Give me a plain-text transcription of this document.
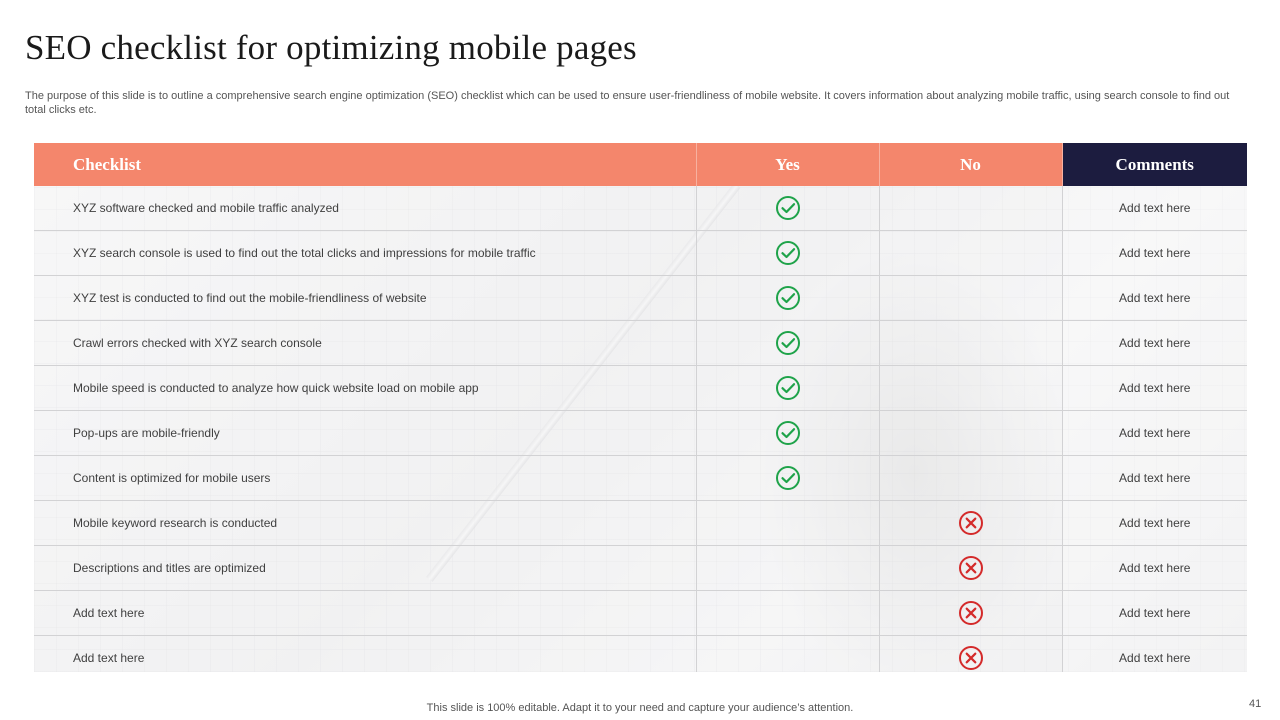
SEO checklist for optimizing mobile pages

The purpose of this slide is to outline a comprehensive search engine optimization (SEO) checklist which can be used to ensure user-friendliness of mobile website. It covers information about analyzing mobile traffic, using search console to find out total clicks etc.

Checklist	Yes	No	Comments
XYZ software checked and mobile traffic analyzed			Add text here
XYZ search console is used to find out the total clicks and impressions for mobile traffic			Add text here
XYZ test is conducted to find out the mobile-friendliness of website			Add text here
Crawl errors checked with XYZ search console			Add text here
Mobile speed is conducted to analyze how quick website load on mobile app			Add text here
Pop-ups are mobile-friendly			Add text here
Content is optimized for mobile users			Add text here
Mobile keyword research is conducted			Add text here
Descriptions and titles are optimized			Add text here
Add text here			Add text here
Add text here			Add text here

This slide is 100% editable. Adapt it to your need and capture your audience’s attention.	41
